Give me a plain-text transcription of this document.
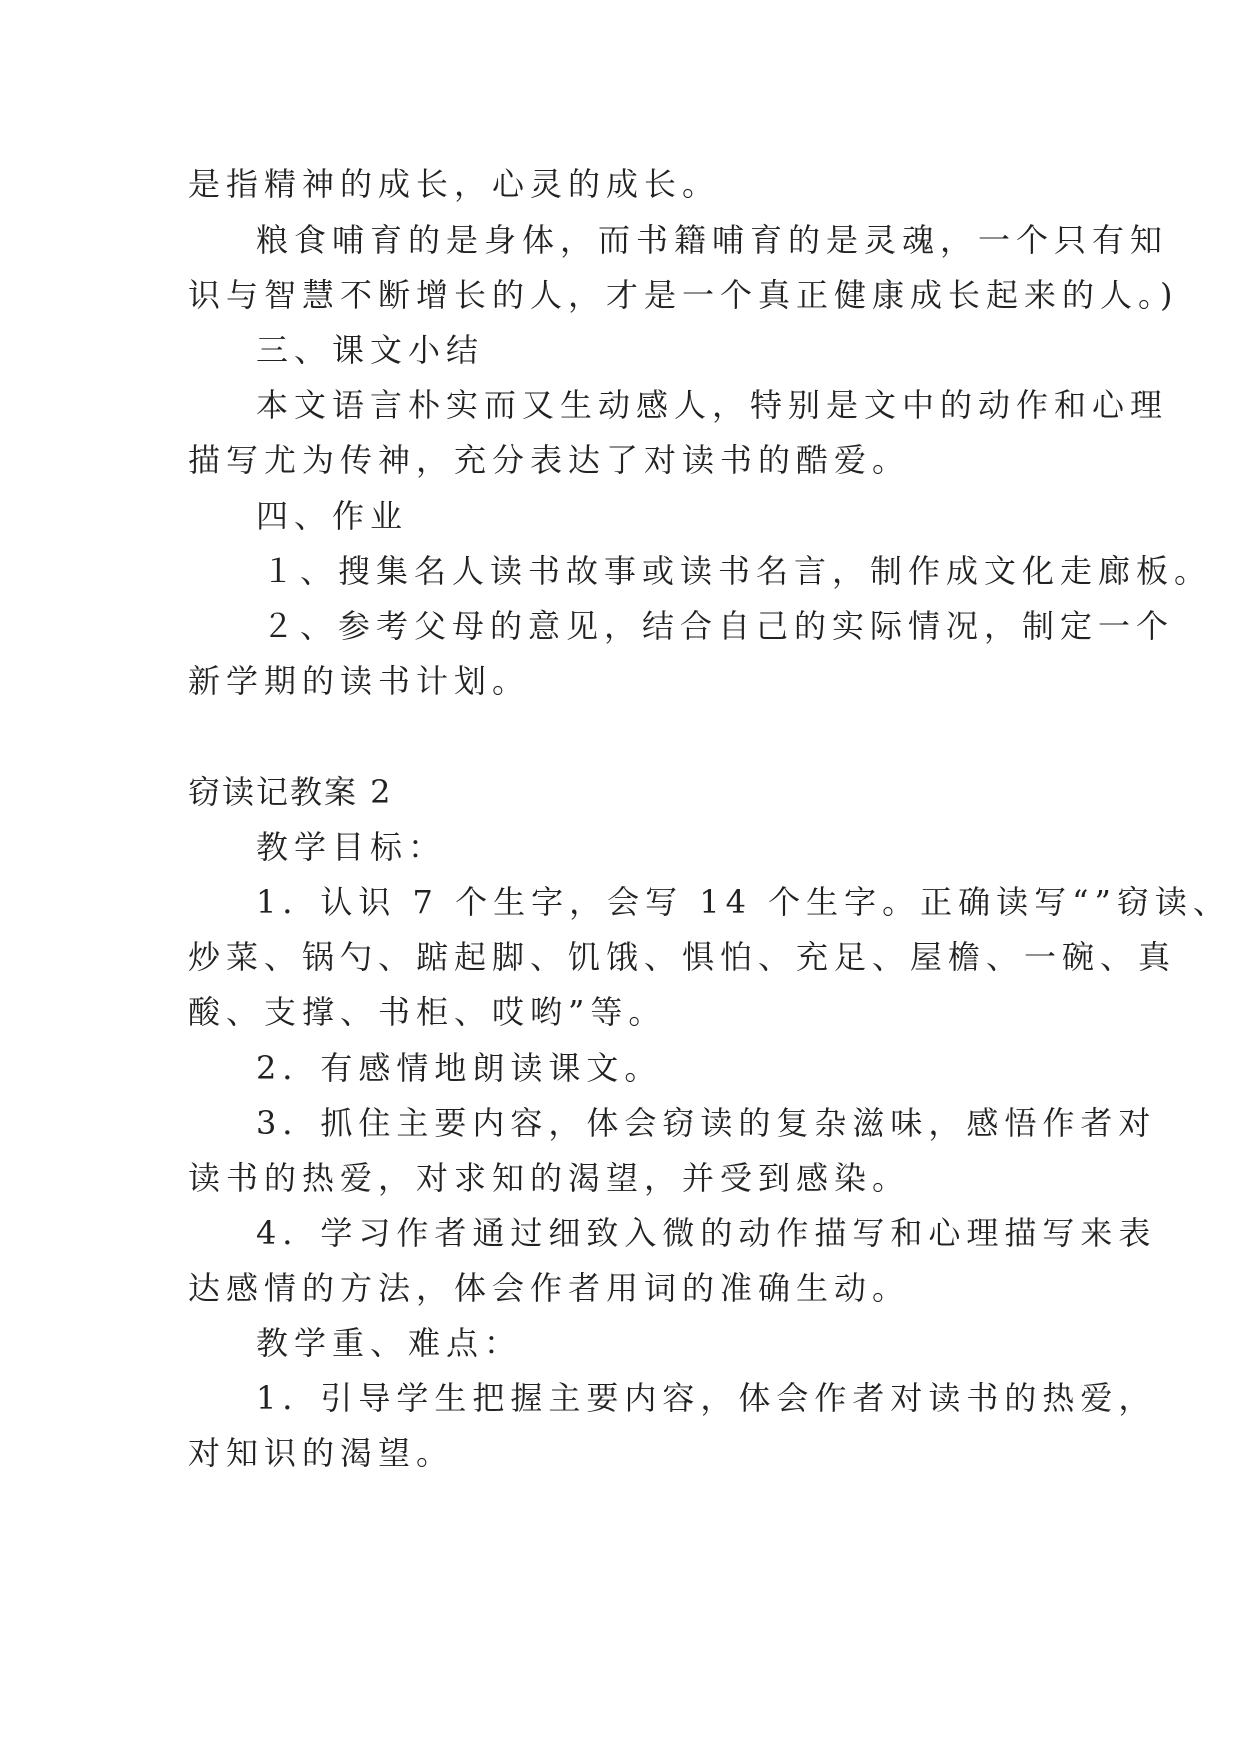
是指精神的成长，心灵的成长。
粮食哺育的是身体，而书籍哺育的是灵魂，一个只有知
识与智慧不断增长的人，才是一个真正健康成长起来的人。)
三、课文小结
本文语言朴实而又生动感人，特别是文中的动作和心理
描写尤为传神，充分表达了对读书的酷爱。
四、作业
１、搜集名人读书故事或读书名言，制作成文化走廊板。
２、参考父母的意见，结合自己的实际情况，制定一个
新学期的读书计划。
窃读记教案 2
教学目标：
1．认识 7 个生字，会写 14 个生字。正确读写“”窃读、
炒菜、锅勺、踮起脚、饥饿、惧怕、充足、屋檐、一碗、真
酸、支撑、书柜、哎哟”等。
2．有感情地朗读课文。
3．抓住主要内容，体会窃读的复杂滋味，感悟作者对
读书的热爱，对求知的渴望，并受到感染。
4．学习作者通过细致入微的动作描写和心理描写来表
达感情的方法，体会作者用词的准确生动。
教学重、难点：
1．引导学生把握主要内容，体会作者对读书的热爱，
对知识的渴望。
